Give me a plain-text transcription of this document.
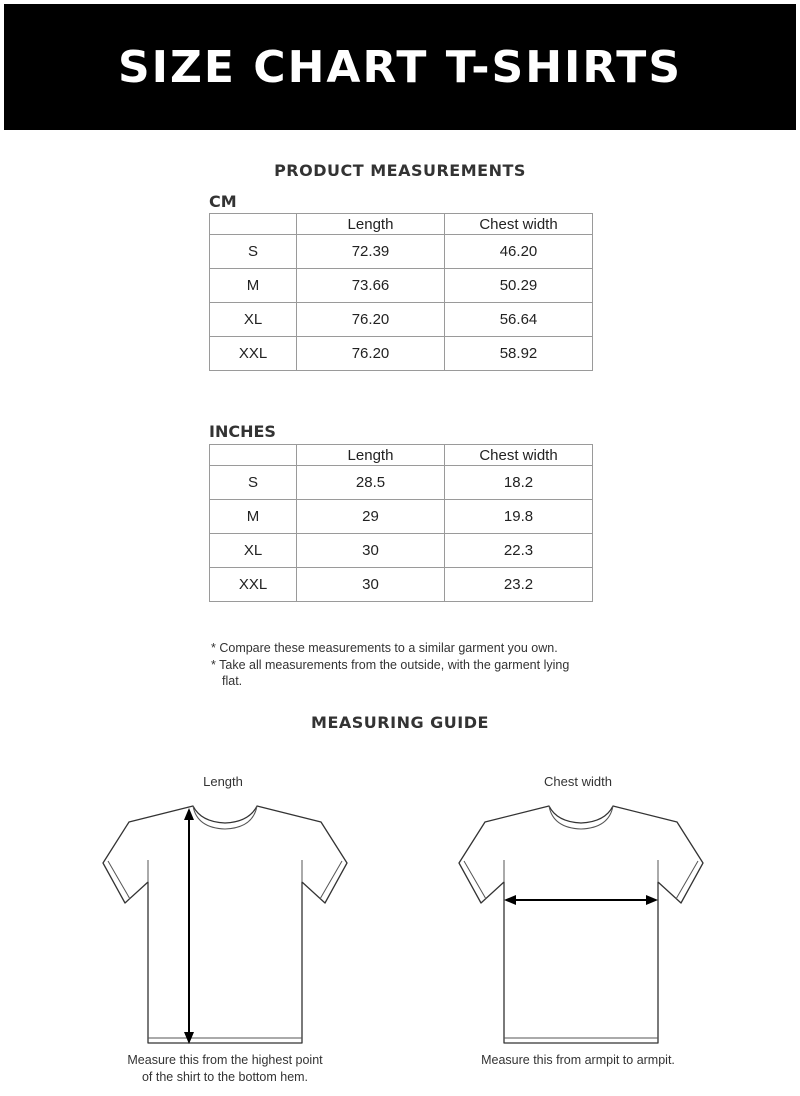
SIZE CHART T-SHIRTS
PRODUCT MEASUREMENTS
CM
	Length	Chest width
S	72.39	46.20
M	73.66	50.29
XL	76.20	56.64
XXL	76.20	58.92
INCHES
	Length	Chest width
S	28.5	18.2
M	29	19.8
XL	30	22.3
XXL	30	23.2
* Compare these measurements to a similar garment you own.
* Take all measurements from the outside, with the garment lying flat.
MEASURING GUIDE
Length
Measure this from the highest point
of the shirt to the bottom hem.
Chest width
Measure this from armpit to armpit.
